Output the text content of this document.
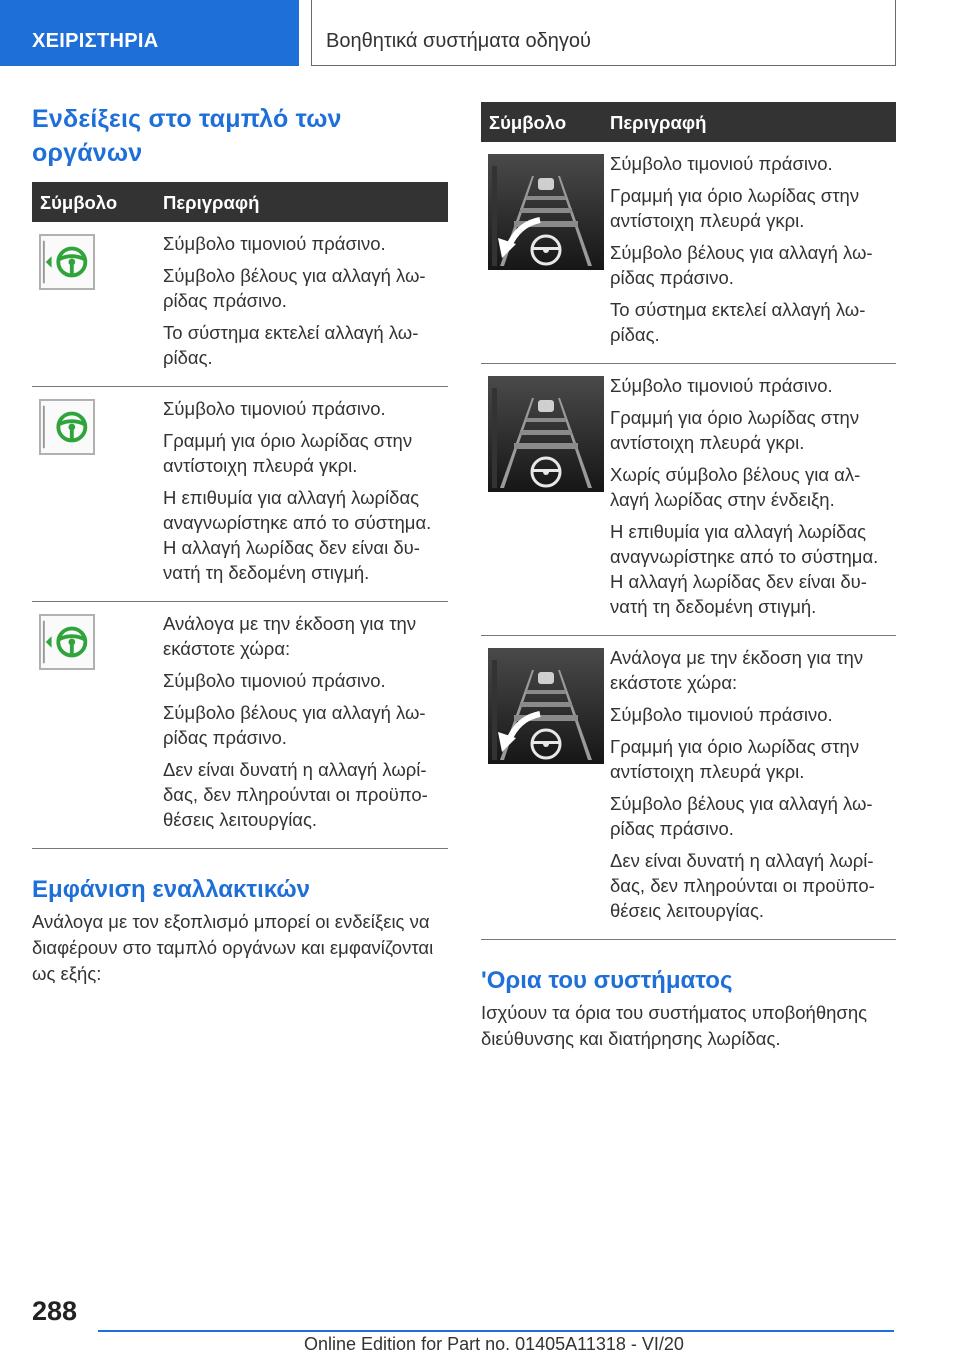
ΧΕΙΡΙΣΤΗΡΙΑ	Βοηθητικά συστήματα οδηγού
Ενδείξεις στο ταμπλό των οργάνων
Σύμβολο Περιγραφή

Σύμβολο τιμονιού πράσινο.

Σύμβολο βέλους για αλλαγή λω-
ρίδας πράσινο.

Το σύστημα εκτελεί αλλαγή λω-
ρίδας.

Σύμβολο τιμονιού πράσινο.

Γραμμή για όριο λωρίδας στην
αντίστοιχη πλευρά γκρι.

Η επιθυμία για αλλαγή λωρίδας
αναγνωρίστηκε από το σύστημα.
Η αλλαγή λωρίδας δεν είναι δυ-
νατή τη δεδομένη στιγμή.

Ανάλογα με την έκδοση για την
εκάστοτε χώρα:

Σύμβολο τιμονιού πράσινο.

Σύμβολο βέλους για αλλαγή λω-
ρίδας πράσινο.

Δεν είναι δυνατή η αλλαγή λωρί-
δας, δεν πληρούνται οι προϋπο-
θέσεις λειτουργίας.

Εμφάνιση εναλλακτικών

Ανάλογα με τον εξοπλισμό μπορεί οι ενδείξεις να διαφέρουν στο ταμπλό οργάνων και εμφανίζονται ως εξής:

Σύμβολο Περιγραφή

Σύμβολο τιμονιού πράσινο.

Γραμμή για όριο λωρίδας στην
αντίστοιχη πλευρά γκρι.

Σύμβολο βέλους για αλλαγή λω-
ρίδας πράσινο.

Το σύστημα εκτελεί αλλαγή λω-
ρίδας.

Σύμβολο τιμονιού πράσινο.

Γραμμή για όριο λωρίδας στην
αντίστοιχη πλευρά γκρι.

Χωρίς σύμβολο βέλους για αλ-
λαγή λωρίδας στην ένδειξη.

Η επιθυμία για αλλαγή λωρίδας
αναγνωρίστηκε από το σύστημα.
Η αλλαγή λωρίδας δεν είναι δυ-
νατή τη δεδομένη στιγμή.

Ανάλογα με την έκδοση για την
εκάστοτε χώρα:

Σύμβολο τιμονιού πράσινο.

Γραμμή για όριο λωρίδας στην
αντίστοιχη πλευρά γκρι.

Σύμβολο βέλους για αλλαγή λω-
ρίδας πράσινο.

Δεν είναι δυνατή η αλλαγή λωρί-
δας, δεν πληρούνται οι προϋπο-
θέσεις λειτουργίας.

'Ορια του συστήματος

Ισχύουν τα όρια του συστήματος υποβοήθησης διεύθυνσης και διατήρησης λωρίδας.

288
Online Edition for Part no. 01405A11318 - VI/20
